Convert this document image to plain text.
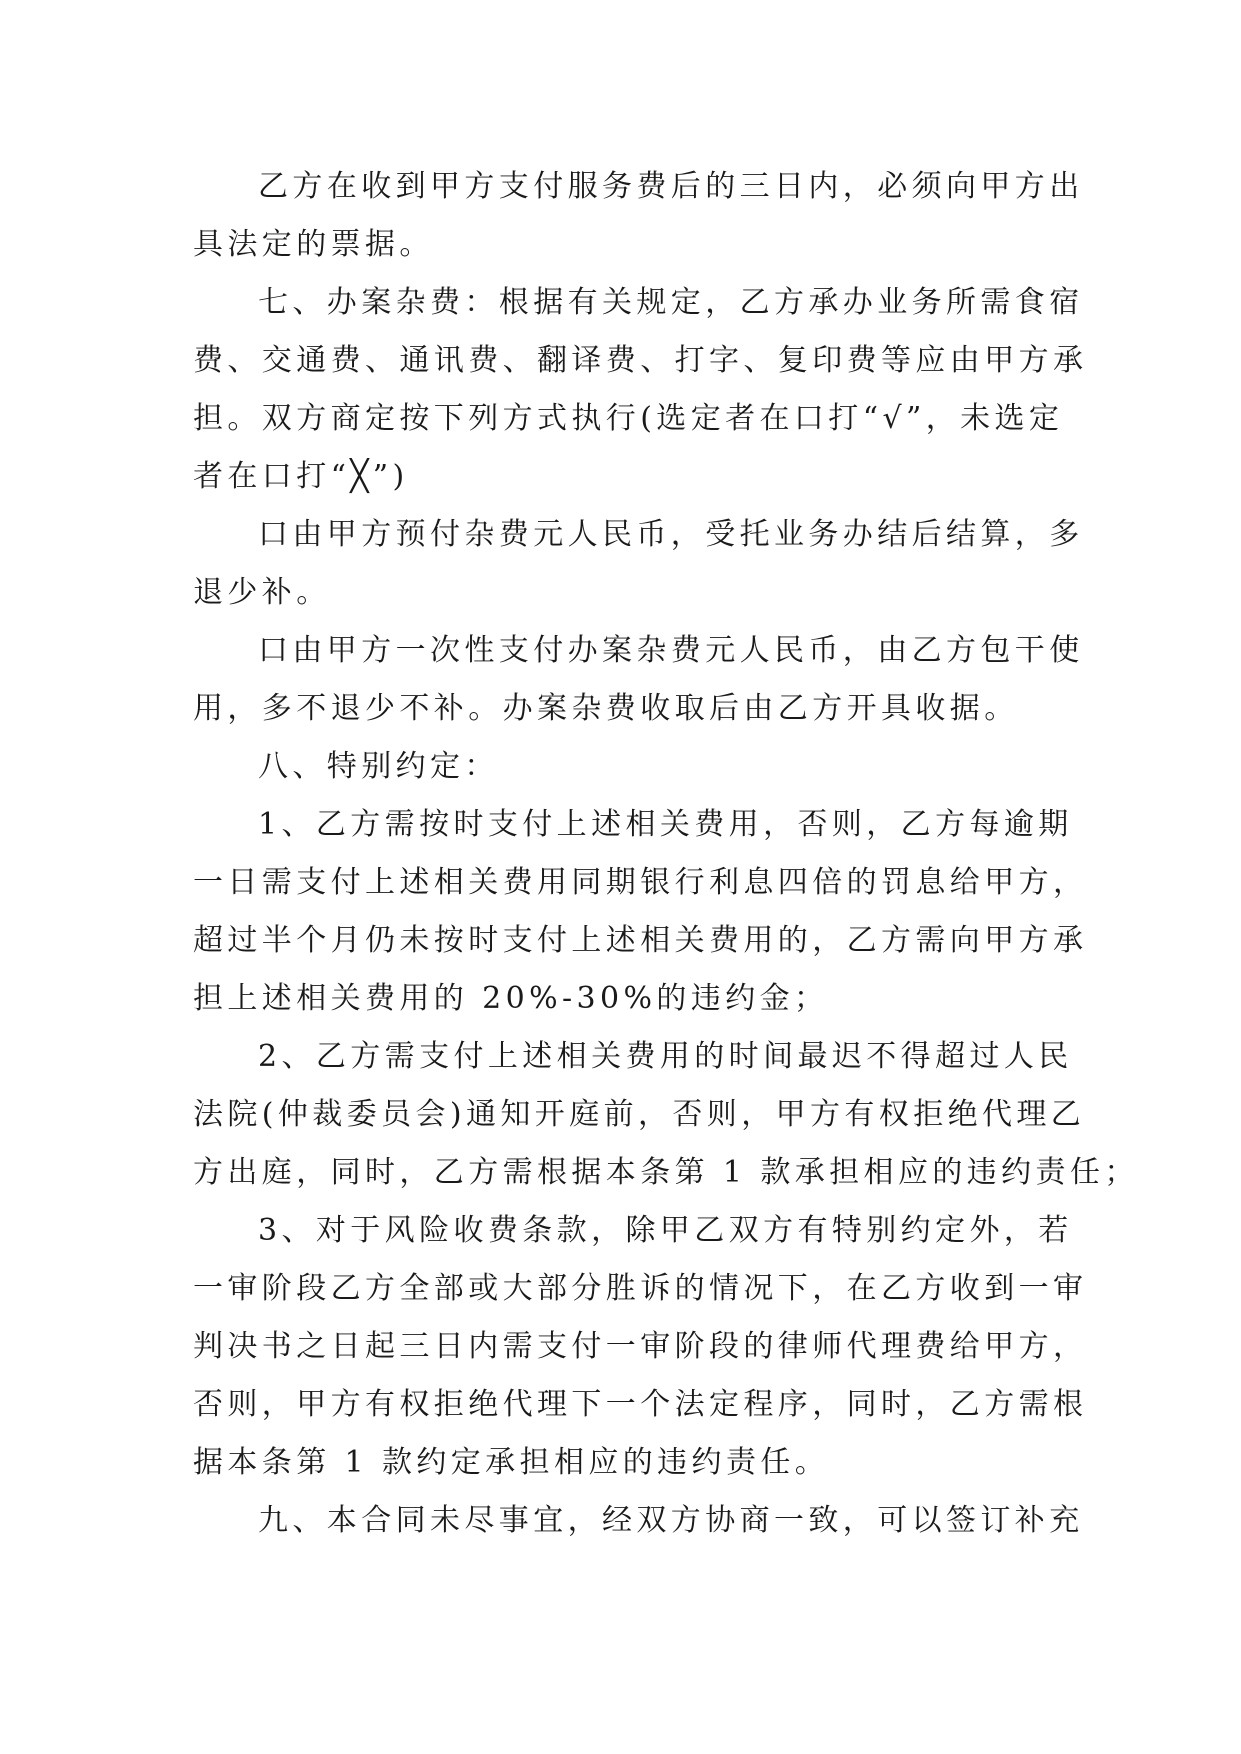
乙方在收到甲方支付服务费后的三日内，必须向甲方出
具法定的票据。
七、办案杂费：根据有关规定，乙方承办业务所需食宿
费、交通费、通讯费、翻译费、打字、复印费等应由甲方承
担。双方商定按下列方式执行(选定者在口打“√”，未选定
者在口打“╳”)
口由甲方预付杂费元人民币，受托业务办结后结算，多
退少补。
口由甲方一次性支付办案杂费元人民币，由乙方包干使
用，多不退少不补。办案杂费收取后由乙方开具收据。
八、特别约定：
1、乙方需按时支付上述相关费用，否则，乙方每逾期
一日需支付上述相关费用同期银行利息四倍的罚息给甲方，
超过半个月仍未按时支付上述相关费用的，乙方需向甲方承
担上述相关费用的 20%-30%的违约金；
2、乙方需支付上述相关费用的时间最迟不得超过人民
法院(仲裁委员会)通知开庭前，否则，甲方有权拒绝代理乙
方出庭，同时，乙方需根据本条第 1 款承担相应的违约责任；
3、对于风险收费条款，除甲乙双方有特别约定外，若
一审阶段乙方全部或大部分胜诉的情况下，在乙方收到一审
判决书之日起三日内需支付一审阶段的律师代理费给甲方，
否则，甲方有权拒绝代理下一个法定程序，同时，乙方需根
据本条第 1 款约定承担相应的违约责任。
九、本合同未尽事宜，经双方协商一致，可以签订补充
